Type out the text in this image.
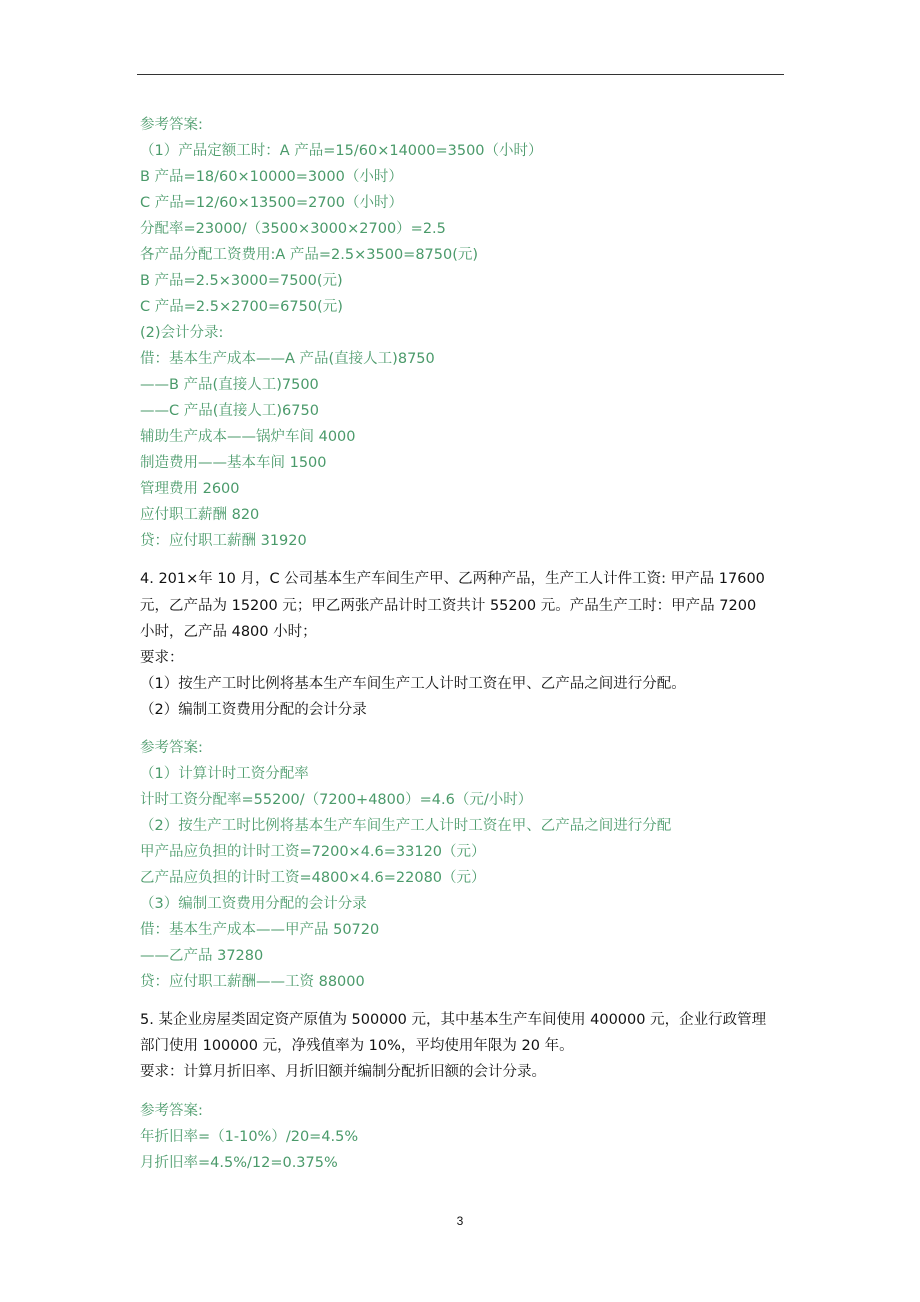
参考答案:
（1）产品定额工时：A 产品=15/60×14000=3500（小时）
B 产品=18/60×10000=3000（小时）
C 产品=12/60×13500=2700（小时）
分配率=23000/（3500×3000×2700）=2.5
各产品分配工资费用:A 产品=2.5×3500=8750(元)
B 产品=2.5×3000=7500(元)
C 产品=2.5×2700=6750(元)
(2)会计分录:
借：基本生产成本——A 产品(直接人工)8750
——B 产品(直接人工)7500
——C 产品(直接人工)6750
辅助生产成本——锅炉车间 4000
制造费用——基本车间 1500
管理费用 2600
应付职工薪酬 820
贷：应付职工薪酬 31920
4. 201×年 10 月，C 公司基本生产车间生产甲、乙两种产品，生产工人计件工资: 甲产品 17600
元，乙产品为 15200 元；甲乙两张产品计时工资共计 55200 元。产品生产工时：甲产品 7200
小时，乙产品 4800 小时；
要求：
（1）按生产工时比例将基本生产车间生产工人计时工资在甲、乙产品之间进行分配。
（2）编制工资费用分配的会计分录
参考答案:
（1）计算计时工资分配率
计时工资分配率=55200/（7200+4800）=4.6（元/小时）
（2）按生产工时比例将基本生产车间生产工人计时工资在甲、乙产品之间进行分配
甲产品应负担的计时工资=7200×4.6=33120（元）
乙产品应负担的计时工资=4800×4.6=22080（元）
（3）编制工资费用分配的会计分录
借：基本生产成本——甲产品 50720
——乙产品 37280
贷：应付职工薪酬——工资 88000
5. 某企业房屋类固定资产原值为 500000 元，其中基本生产车间使用 400000 元，企业行政管理
部门使用 100000 元，净残值率为 10%，平均使用年限为 20 年。
要求：计算月折旧率、月折旧额并编制分配折旧额的会计分录。
参考答案:
年折旧率=（1-10%）/20=4.5%
月折旧率=4.5%/12=0.375%
3
